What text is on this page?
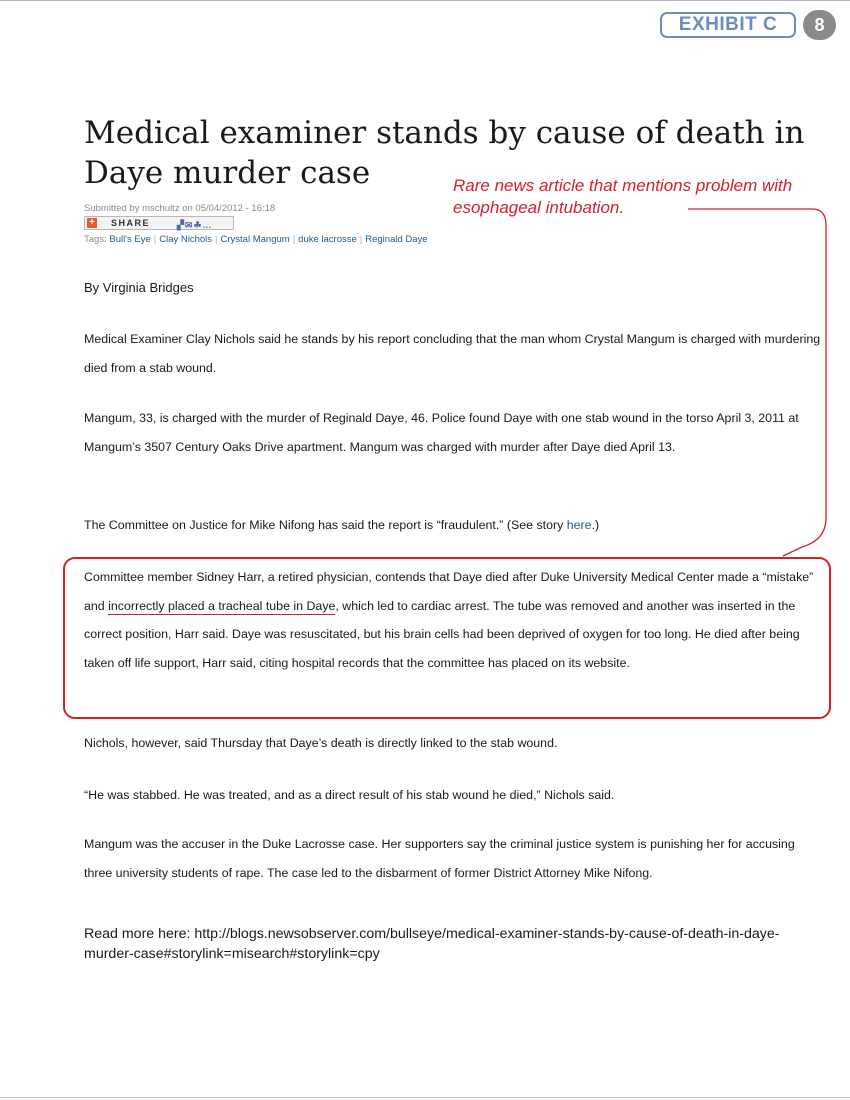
EXHIBIT C	8
Medical examiner stands by cause of death in Daye murder case
Submitted by mschultz on 05/04/2012 - 16:18
+ SHARE	▞✉☘…
Tags: Bull's Eye | Clay Nichols | Crystal Mangum | duke lacrosse | Reginald Daye

Rare news article that mentions problem with esophageal intubation.

By Virginia Bridges

Medical Examiner Clay Nichols said he stands by his report concluding that the man whom Crystal Mangum is charged with murdering died from a stab wound.

Mangum, 33, is charged with the murder of Reginald Daye, 46. Police found Daye with one stab wound in the torso April 3, 2011 at Mangum’s 3507 Century Oaks Drive apartment. Mangum was charged with murder after Daye died April 13.

The Committee on Justice for Mike Nifong has said the report is “fraudulent.” (See story here.)

Committee member Sidney Harr, a retired physician, contends that Daye died after Duke University Medical Center made a “mistake” and incorrectly placed a tracheal tube in Daye, which led to cardiac arrest. The tube was removed and another was inserted in the correct position, Harr said. Daye was resuscitated, but his brain cells had been deprived of oxygen for too long. He died after being taken off life support, Harr said, citing hospital records that the committee has placed on its website.

Nichols, however, said Thursday that Daye’s death is directly linked to the stab wound.

“He was stabbed. He was treated, and as a direct result of his stab wound he died,” Nichols said.

Mangum was the accuser in the Duke Lacrosse case. Her supporters say the criminal justice system is punishing her for accusing three university students of rape. The case led to the disbarment of former District Attorney Mike Nifong.

Read more here: http://blogs.newsobserver.com/bullseye/medical-examiner-stands-by-cause-of-death-in-daye-murder-case#storylink=misearch#storylink=cpy
